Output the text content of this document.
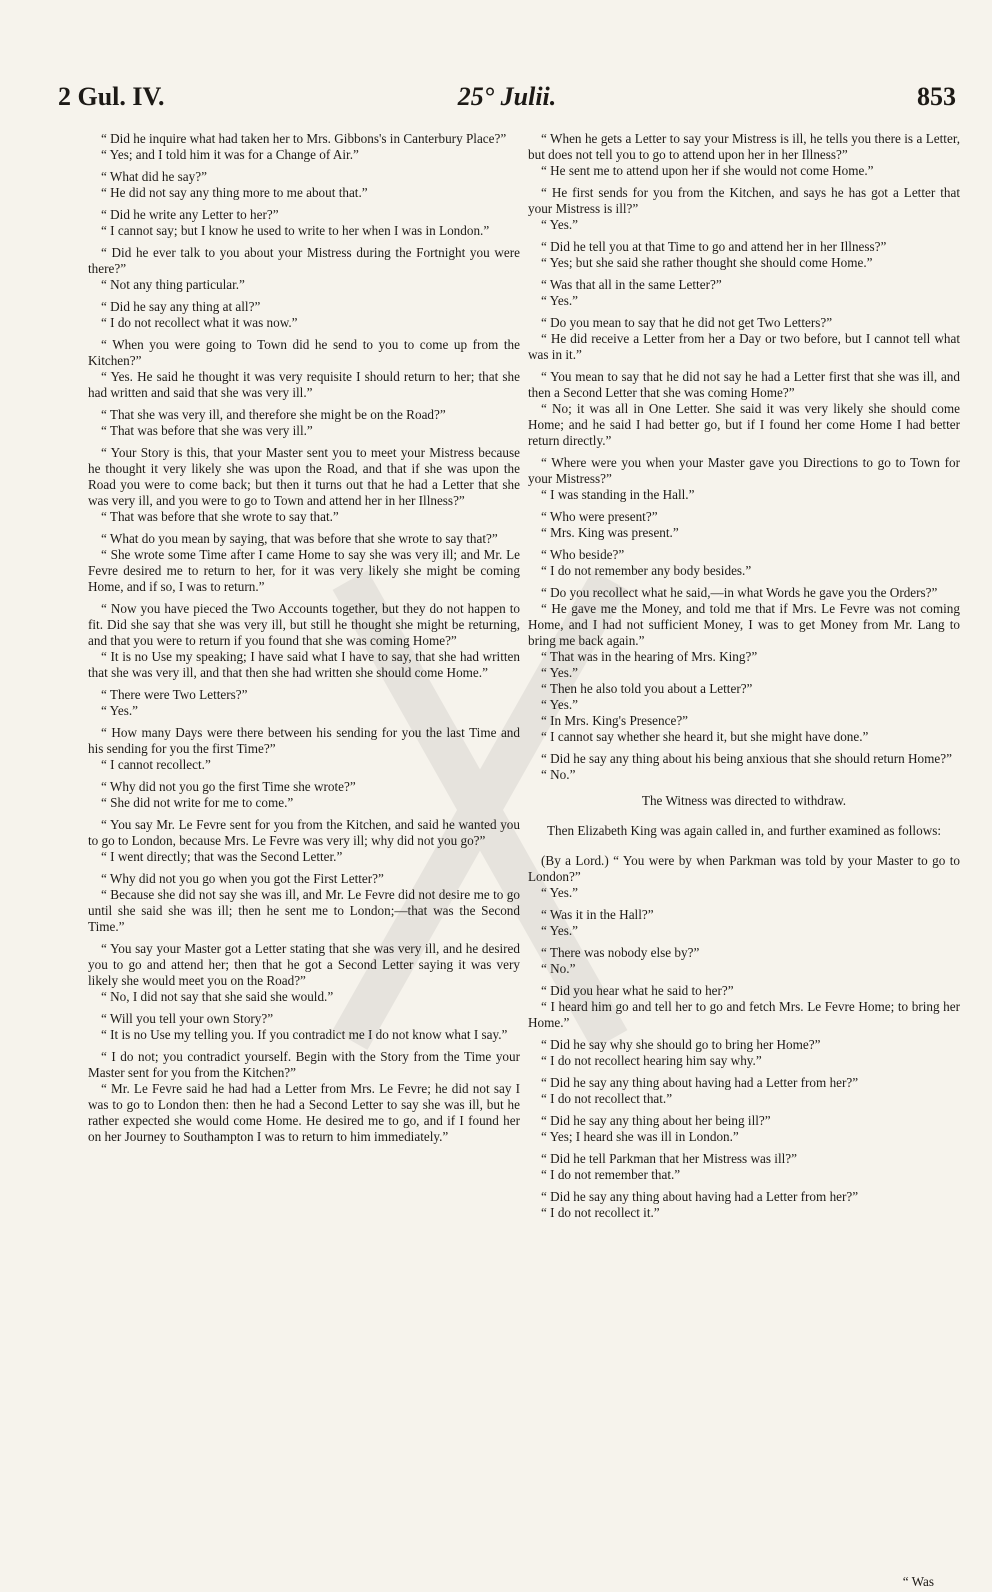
2 Gul. IV.	25° Julii.	853
“ Did he inquire what had taken her to Mrs. Gibbons's in Canterbury Place?”
“ Yes; and I told him it was for a Change of Air.”
“ What did he say?”
“ He did not say any thing more to me about that.”
“ Did he write any Letter to her?”
“ I cannot say; but I know he used to write to her when I was in London.”
“ Did he ever talk to you about your Mistress during the Fortnight you were there?”
“ Not any thing particular.”
“ Did he say any thing at all?”
“ I do not recollect what it was now.”
“ When you were going to Town did he send to you to come up from the Kitchen?”
“ Yes. He said he thought it was very requisite I should return to her; that she had written and said that she was very ill.”
“ That she was very ill, and therefore she might be on the Road?”
“ That was before that she was very ill.”
“ Your Story is this, that your Master sent you to meet your Mistress because he thought it very likely she was upon the Road, and that if she was upon the Road you were to come back; but then it turns out that he had a Letter that she was very ill, and you were to go to Town and attend her in her Illness?”
“ That was before that she wrote to say that.”
“ What do you mean by saying, that was before that she wrote to say that?”
“ She wrote some Time after I came Home to say she was very ill; and Mr. Le Fevre desired me to return to her, for it was very likely she might be coming Home, and if so, I was to return.”
“ Now you have pieced the Two Accounts together, but they do not happen to fit. Did she say that she was very ill, but still he thought she might be returning, and that you were to return if you found that she was coming Home?”
“ It is no Use my speaking; I have said what I have to say, that she had written that she was very ill, and that then she had written she should come Home.”
“ There were Two Letters?”
“ Yes.”
“ How many Days were there between his sending for you the last Time and his sending for you the first Time?”
“ I cannot recollect.”
“ Why did not you go the first Time she wrote?”
“ She did not write for me to come.”
“ You say Mr. Le Fevre sent for you from the Kitchen, and said he wanted you to go to London, because Mrs. Le Fevre was very ill; why did not you go?”
“ I went directly; that was the Second Letter.”
“ Why did not you go when you got the First Letter?”
“ Because she did not say she was ill, and Mr. Le Fevre did not desire me to go until she said she was ill; then he sent me to London;—that was the Second Time.”
“ You say your Master got a Letter stating that she was very ill, and he desired you to go and attend her; then that he got a Second Letter saying it was very likely she would meet you on the Road?”
“ No, I did not say that she said she would.”
“ Will you tell your own Story?”
“ It is no Use my telling you. If you contradict me I do not know what I say.”
“ I do not; you contradict yourself. Begin with the Story from the Time your Master sent for you from the Kitchen?”
“ Mr. Le Fevre said he had had a Letter from Mrs. Le Fevre; he did not say I was to go to London then: then he had a Second Letter to say she was ill, but he rather expected she would come Home. He desired me to go, and if I found her on her Journey to Southampton I was to return to him immediately.”
“ When he gets a Letter to say your Mistress is ill, he tells you there is a Letter, but does not tell you to go to attend upon her in her Illness?”
“ He sent me to attend upon her if she would not come Home.”
“ He first sends for you from the Kitchen, and says he has got a Letter that your Mistress is ill?”
“ Yes.”
“ Did he tell you at that Time to go and attend her in her Illness?”
“ Yes; but she said she rather thought she should come Home.”
“ Was that all in the same Letter?”
“ Yes.”
“ Do you mean to say that he did not get Two Letters?”
“ He did receive a Letter from her a Day or two before, but I cannot tell what was in it.”
“ You mean to say that he did not say he had a Letter first that she was ill, and then a Second Letter that she was coming Home?”
“ No; it was all in One Letter. She said it was very likely she should come Home; and he said I had better go, but if I found her come Home I had better return directly.”
“ Where were you when your Master gave you Directions to go to Town for your Mistress?”
“ I was standing in the Hall.”
“ Who were present?”
“ Mrs. King was present.”
“ Who beside?”
“ I do not remember any body besides.”
“ Do you recollect what he said,—in what Words he gave you the Orders?”
“ He gave me the Money, and told me that if Mrs. Le Fevre was not coming Home, and I had not sufficient Money, I was to get Money from Mr. Lang to bring me back again.”
“ That was in the hearing of Mrs. King?”
“ Yes.”
“ Then he also told you about a Letter?”
“ Yes.”
“ In Mrs. King's Presence?”
“ I cannot say whether she heard it, but she might have done.”
“ Did he say any thing about his being anxious that she should return Home?”
“ No.”
The Witness was directed to withdraw.
Then Elizabeth King was again called in, and further examined as follows:
(By a Lord.) “ You were by when Parkman was told by your Master to go to London?”
“ Yes.”
“ Was it in the Hall?”
“ Yes.”
“ There was nobody else by?”
“ No.”
“ Did you hear what he said to her?”
“ I heard him go and tell her to go and fetch Mrs. Le Fevre Home; to bring her Home.”
“ Did he say why she should go to bring her Home?”
“ I do not recollect hearing him say why.”
“ Did he say any thing about having had a Letter from her?”
“ I do not recollect that.”
“ Did he say any thing about her being ill?”
“ Yes; I heard she was ill in London.”
“ Did he tell Parkman that her Mistress was ill?”
“ I do not remember that.”
“ Did he say any thing about having had a Letter from her?”
“ I do not recollect it.”
“ Was
